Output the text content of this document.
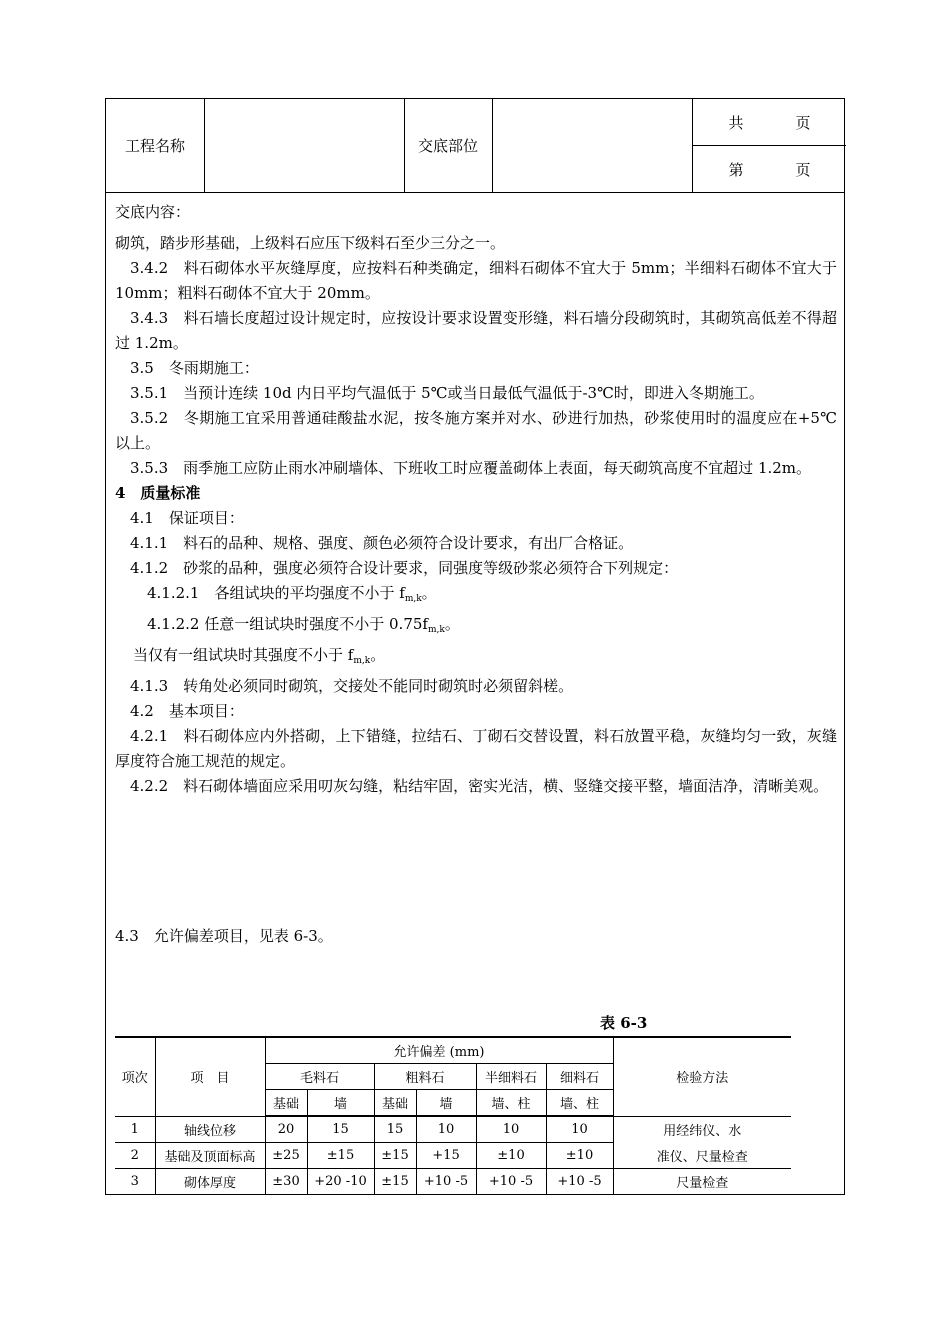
工程名称	交底部位
共	页
第	页

交底内容：

砌筑，踏步形基础，上级料石应压下级料石至少三分之一。

3.4.2　料石砌体水平灰缝厚度，应按料石种类确定，细料石砌体不宜大于 5mm；半细料石砌体不宜大于 10mm；粗料石砌体不宜大于 20mm。

3.4.3　料石墙长度超过设计规定时，应按设计要求设置变形缝，料石墙分段砌筑时，其砌筑高低差不得超过 1.2m。

3.5　冬雨期施工：

3.5.1　当预计连续 10d 内日平均气温低于 5℃或当日最低气温低于-3℃时，即进入冬期施工。

3.5.2　冬期施工宜采用普通硅酸盐水泥，按冬施方案并对水、砂进行加热，砂浆使用时的温度应在+5℃以上。

3.5.3　雨季施工应防止雨水冲刷墙体、下班收工时应覆盖砌体上表面，每天砌筑高度不宜超过 1.2m。

4　质量标准

4.1　保证项目：

4.1.1　料石的品种、规格、强度、颜色必须符合设计要求，有出厂合格证。

4.1.2　砂浆的品种，强度必须符合设计要求，同强度等级砂浆必须符合下列规定：

4.1.2.1　各组试块的平均强度不小于 $f_{m,k}$。

4.1.2.2 任意一组试块时强度不小于 $0.75f_{m,k}$。

当仅有一组试块时其强度不小于 $f_{m,k}$。

4.1.3　转角处必须同时砌筑，交接处不能同时砌筑时必须留斜槎。

4.2　基本项目：

4.2.1　料石砌体应内外搭砌，上下错缝，拉结石、丁砌石交替设置，料石放置平稳，灰缝均匀一致，灰缝厚度符合施工规范的规定。

4.2.2　料石砌体墙面应采用叨灰勾缝，粘结牢固，密实光洁，横、竖缝交接平整，墙面洁净，清晰美观。

4.3　允许偏差项目，见表 6-3。

表 6-3
项次	项　目	允许偏差 (mm)						检验方法
		毛料石		粗料石		半细料石	细料石	
		基础	墙	基础	墙	墙、柱	墙、柱	
1	轴线位移	20	15	15	10	10	10	用经纬仪、水
2	基础及顶面标高	±25	±15	±15	+15	±10	±10	准仪、尺量检查
3	砌体厚度	±30	+20 -10	±15	+10 -5	+10 -5	+10 -5	尺量检查
